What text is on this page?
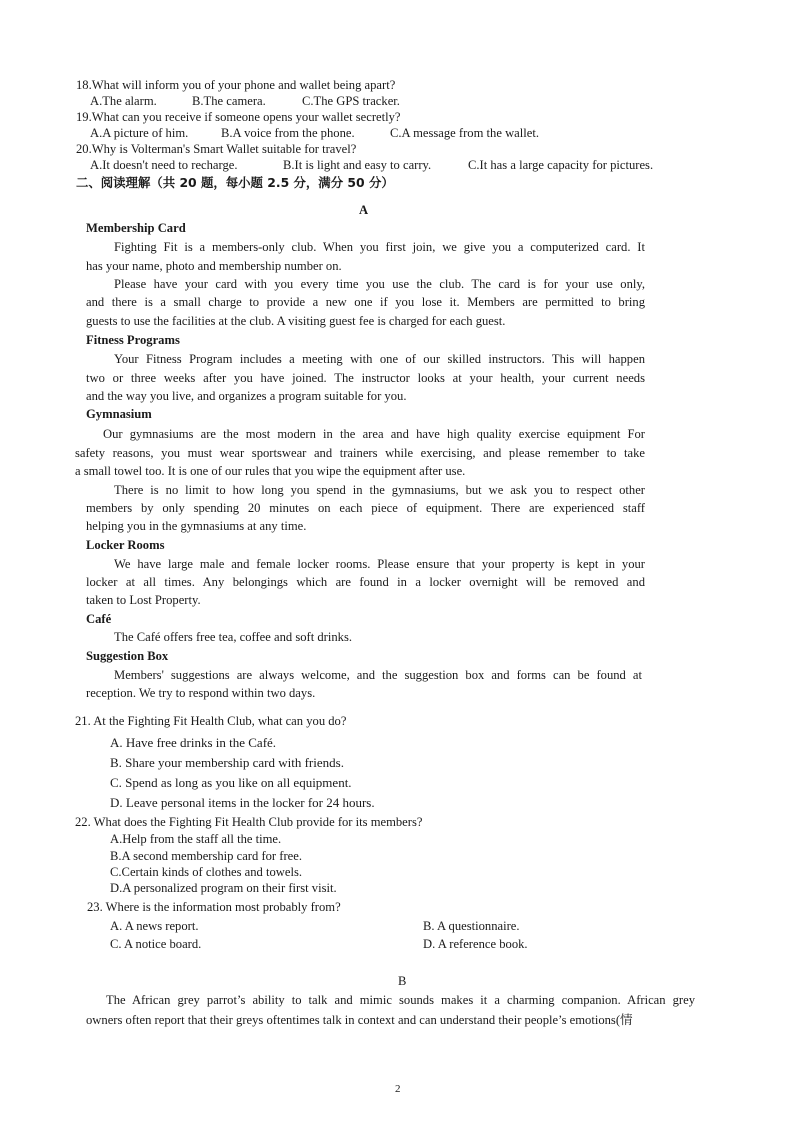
18.What will inform you of your phone and wallet being apart?
A.The alarm.	B.The camera.	C.The GPS tracker.
19.What can you receive if someone opens your wallet secretly?
A.A picture of him.	B.A voice from the phone.	C.A message from the wallet.
20.Why is Volterman's Smart Wallet suitable for travel?
A.It doesn't need to recharge.	B.It is light and easy to carry.	C.It has a large capacity for pictures.
二、阅读理解（共 20 题，每小题 2.5 分，满分 50 分）
A
Membership Card
Fighting Fit is a members-only club. When you first join, we give you a computerized card. It
has your name, photo and membership number on.
Please have your card with you every time you use the club. The card is for your use only,
and there is a small charge to provide a new one if you lose it. Members are permitted to bring
guests to use the facilities at the club. A visiting guest fee is charged for each guest.
Fitness Programs
Your Fitness Program includes a meeting with one of our skilled instructors. This will happen
two or three weeks after you have joined. The instructor looks at your health, your current needs
and the way you live, and organizes a program suitable for you.
Gymnasium
Our gymnasiums are the most modern in the area and have high quality exercise equipment For
safety reasons, you must wear sportswear and trainers while exercising, and please remember to take
a small towel too. It is one of our rules that you wipe the equipment after use.
There is no limit to how long you spend in the gymnasiums, but we ask you to respect other
members by only spending 20 minutes on each piece of equipment. There are experienced staff
helping you in the gymnasiums at any time.
Locker Rooms
We have large male and female locker rooms. Please ensure that your property is kept in your
locker at all times. Any belongings which are found in a locker overnight will be removed and
taken to Lost Property.
Café
The Café offers free tea, coffee and soft drinks.
Suggestion Box
Members' suggestions are always welcome, and the suggestion box and forms can be found at
reception. We try to respond within two days.
21. At the Fighting Fit Health Club, what can you do?
A. Have free drinks in the Café.
B. Share your membership card with friends.
C. Spend as long as you like on all equipment.
D. Leave personal items in the locker for 24 hours.
22. What does the Fighting Fit Health Club provide for its members?
A.Help from the staff all the time.
B.A second membership card for free.
C.Certain kinds of clothes and towels.
D.A personalized program on their first visit.
23. Where is the information most probably from?
A. A news report.	B. A questionnaire.
C. A notice board.	D. A reference book.
B
The African grey parrot’s ability to talk and mimic sounds makes it a charming companion. African grey
owners often report that their greys oftentimes talk in context and can understand their people’s emotions(情
2
